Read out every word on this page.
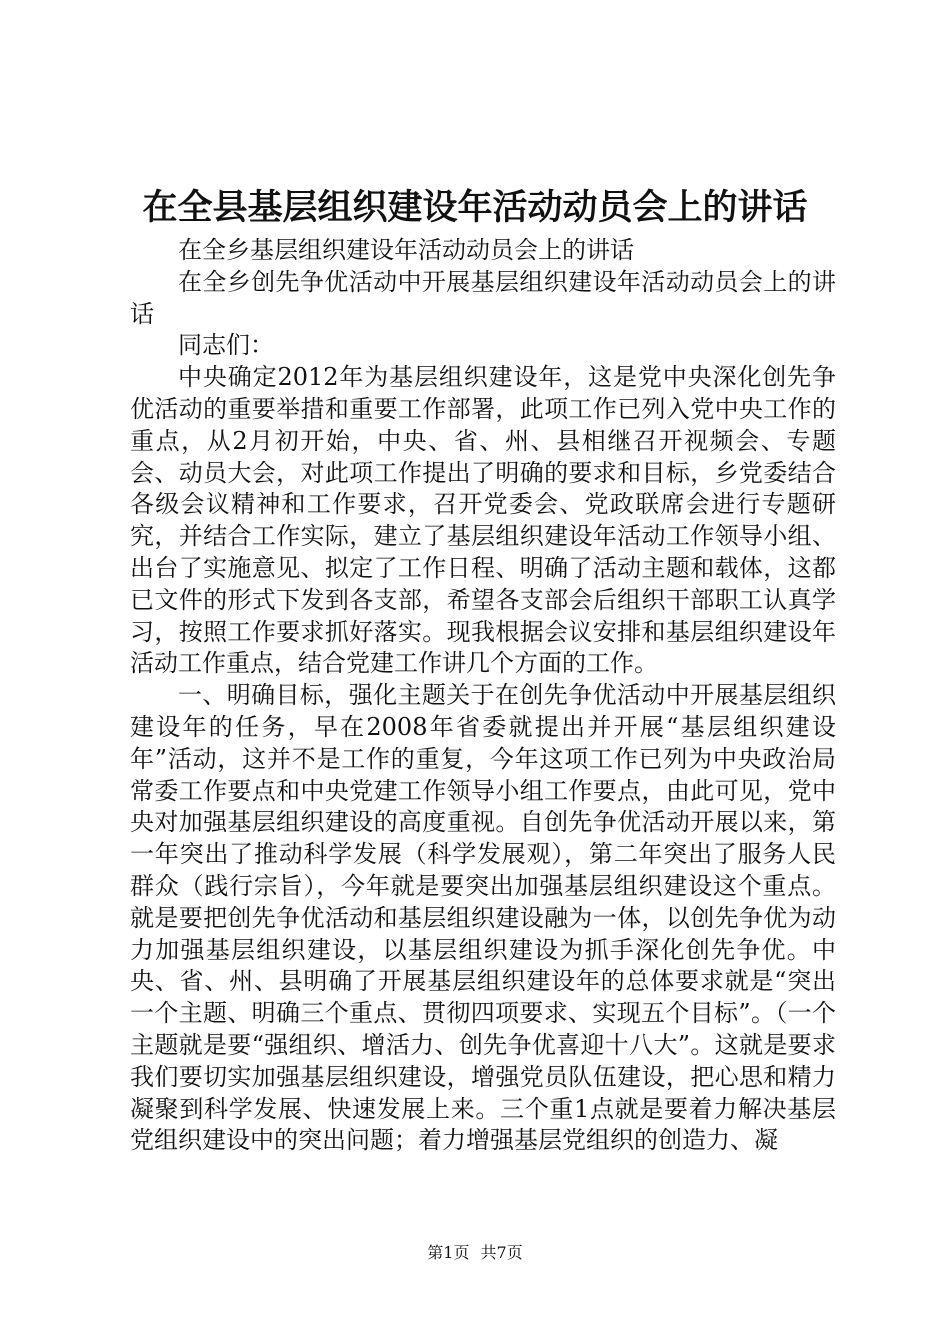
在全县基层组织建设年活动动员会上的讲话

在全乡基层组织建设年活动动员会上的讲话

在全乡创先争优活动中开展基层组织建设年活动动员会上的讲话

同志们：

中央确定2012年为基层组织建设年，这是党中央深化创先争优活动的重要举措和重要工作部署，此项工作已列入党中央工作的重点，从2月初开始，中央、省、州、县相继召开视频会、专题会、动员大会，对此项工作提出了明确的要求和目标，乡党委结合各级会议精神和工作要求，召开党委会、党政联席会进行专题研究，并结合工作实际，建立了基层组织建设年活动工作领导小组、出台了实施意见、拟定了工作日程、明确了活动主题和载体，这都已文件的形式下发到各支部，希望各支部会后组织干部职工认真学习，按照工作要求抓好落实。现我根据会议安排和基层组织建设年活动工作重点，结合党建工作讲几个方面的工作。

一、明确目标，强化主题关于在创先争优活动中开展基层组织建设年的任务，早在2008年省委就提出并开展“基层组织建设年”活动，这并不是工作的重复，今年这项工作已列为中央政治局常委工作要点和中央党建工作领导小组工作要点，由此可见，党中央对加强基层组织建设的高度重视。自创先争优活动开展以来，第一年突出了推动科学发展（科学发展观），第二年突出了服务人民群众（践行宗旨），今年就是要突出加强基层组织建设这个重点。就是要把创先争优活动和基层组织建设融为一体，以创先争优为动力加强基层组织建设，以基层组织建设为抓手深化创先争优。中央、省、州、县明确了开展基层组织建设年的总体要求就是“突出一个主题、明确三个重点、贯彻四项要求、实现五个目标”。（一个主题就是要“强组织、增活力、创先争优喜迎十八大”。这就是要求我们要切实加强基层组织建设，增强党员队伍建设，把心思和精力凝聚到科学发展、快速发展上来。三个重1点就是要着力解决基层党组织建设中的突出问题；着力增强基层党组织的创造力、凝

第1页 共7页
